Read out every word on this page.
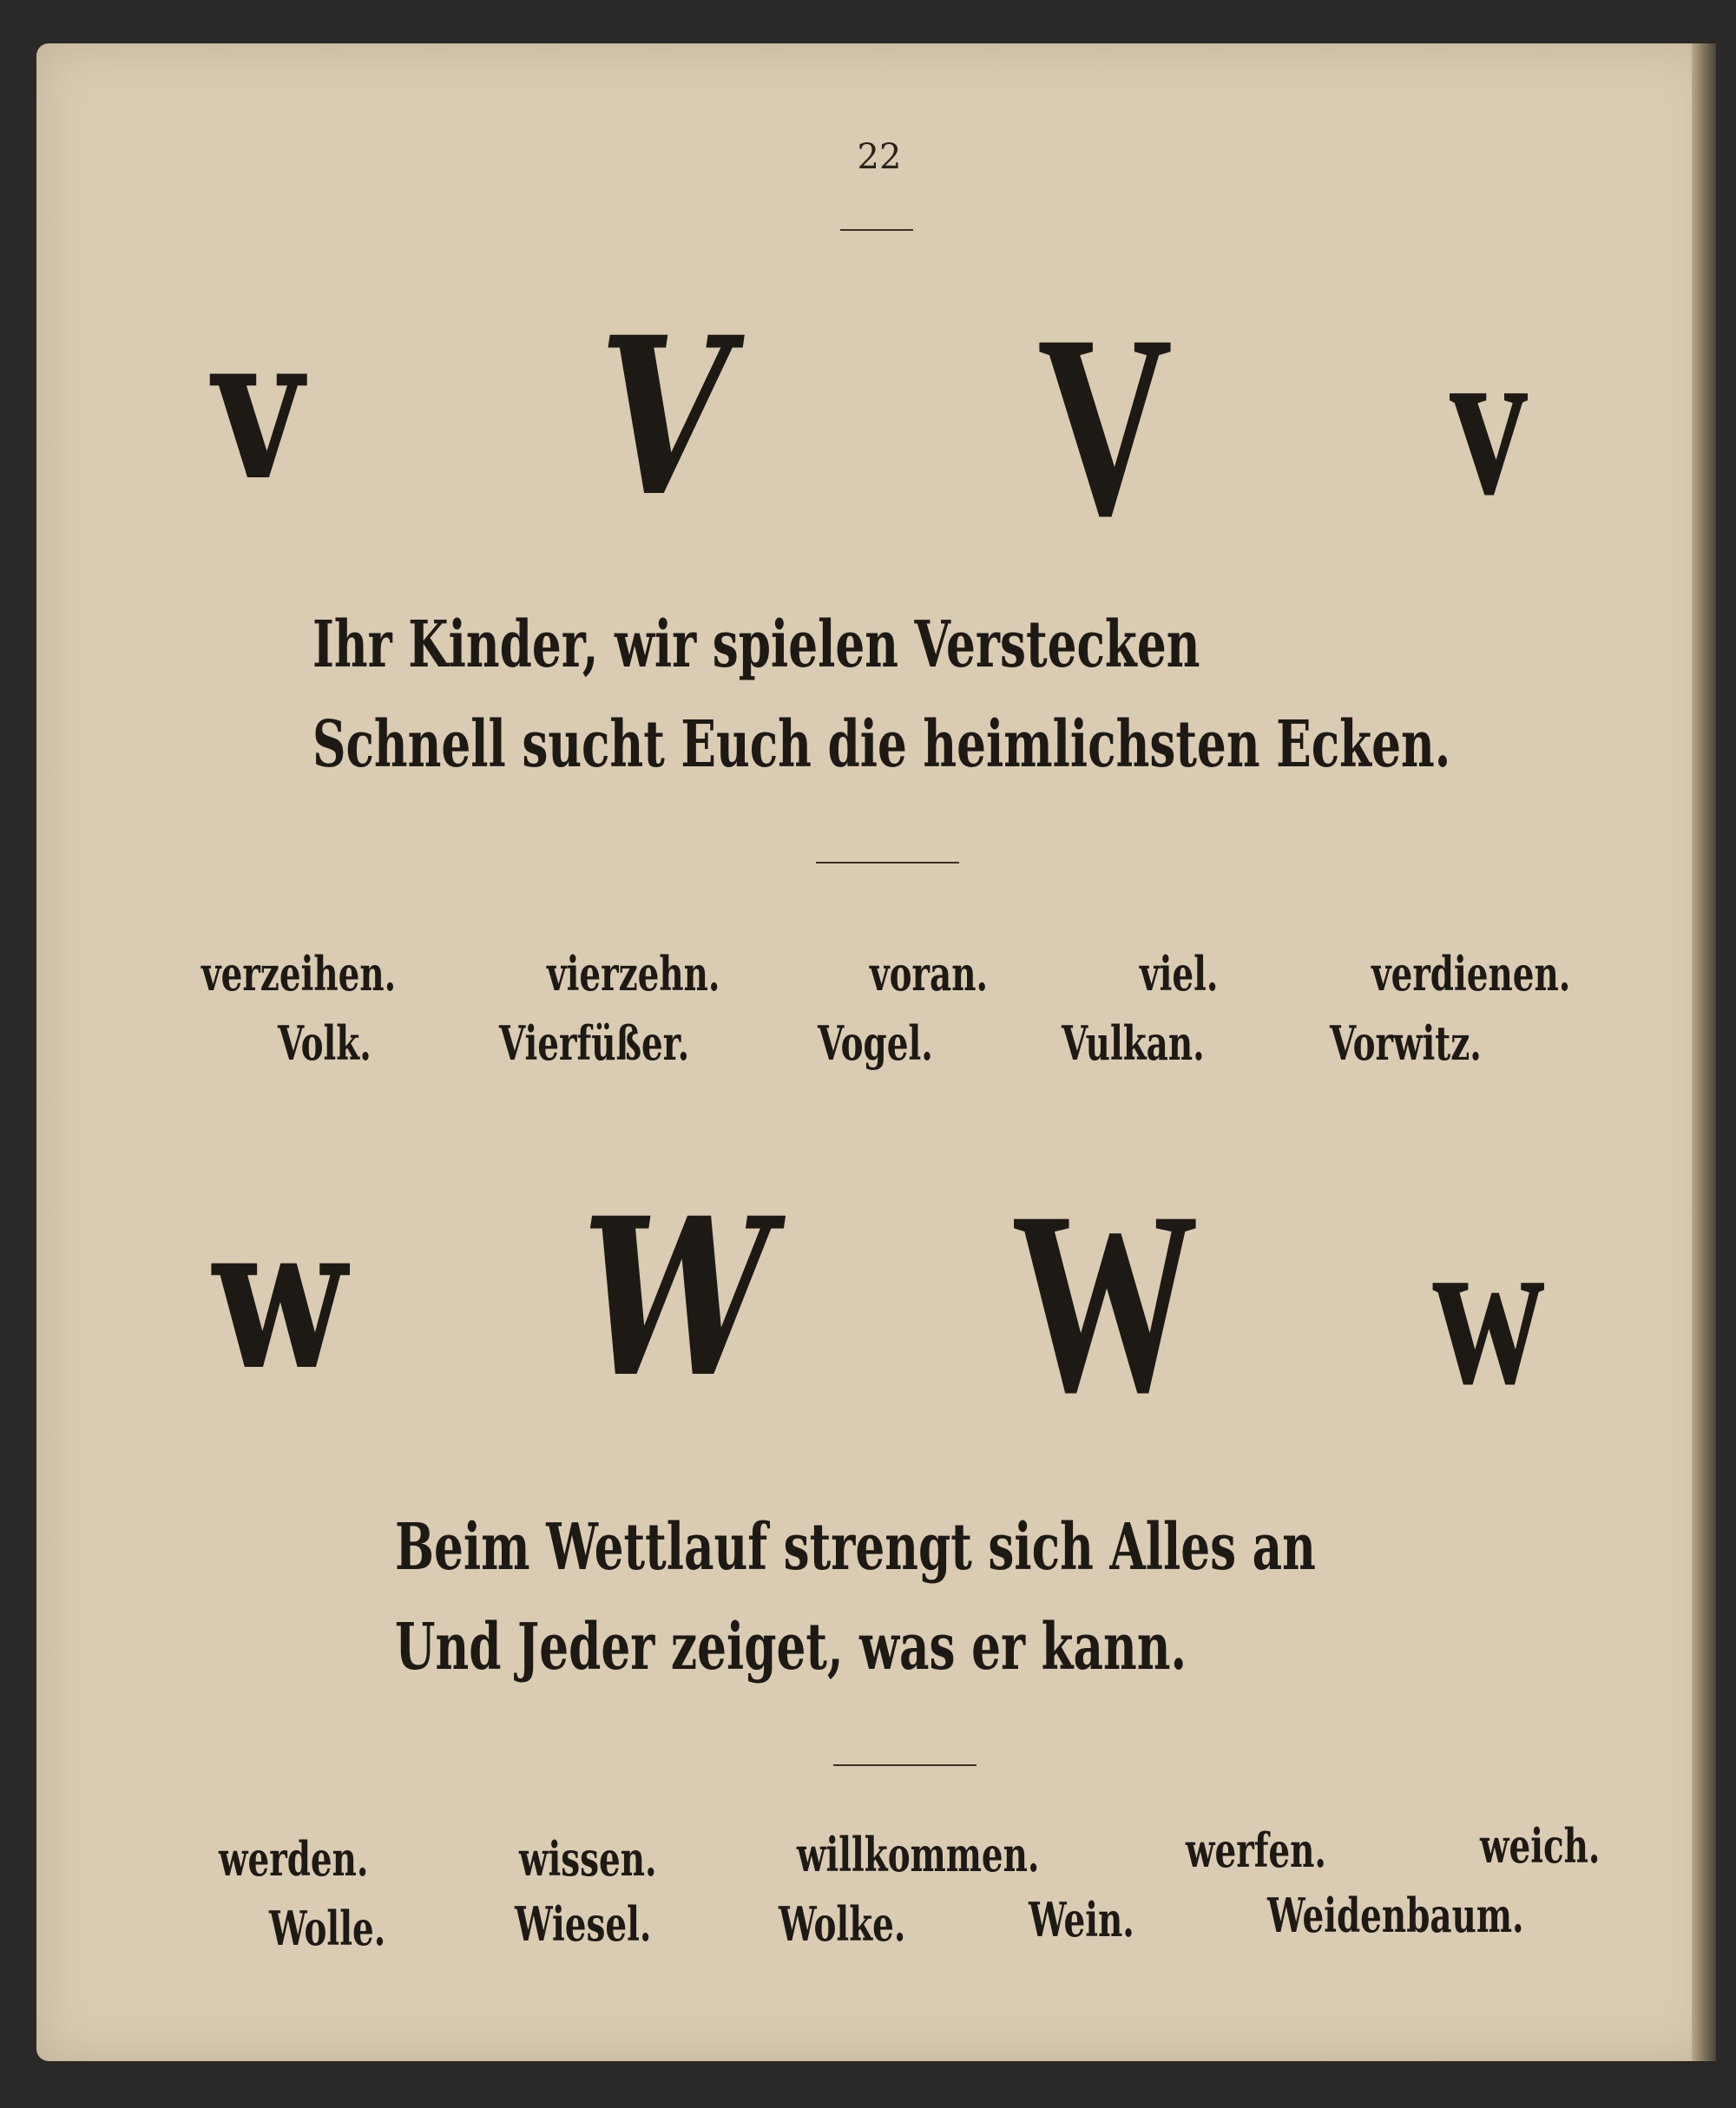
22
v V V v
Ihr Kinder, wir spielen Verstecken
Schnell sucht Euch die heimlichsten Ecken.
verzeihen.	vierzehn.	voran.	viel.	verdienen.
Volk.	Vierfüßer.	Vogel.	Vulkan.	Vorwitz.
w W W w
Beim Wettlauf strengt sich Alles an
Und Jeder zeiget, was er kann.
werden.	wissen.	willkommen.	werfen.	weich.
Wolle.	Wiesel.	Wolke.	Wein.	Weidenbaum.
